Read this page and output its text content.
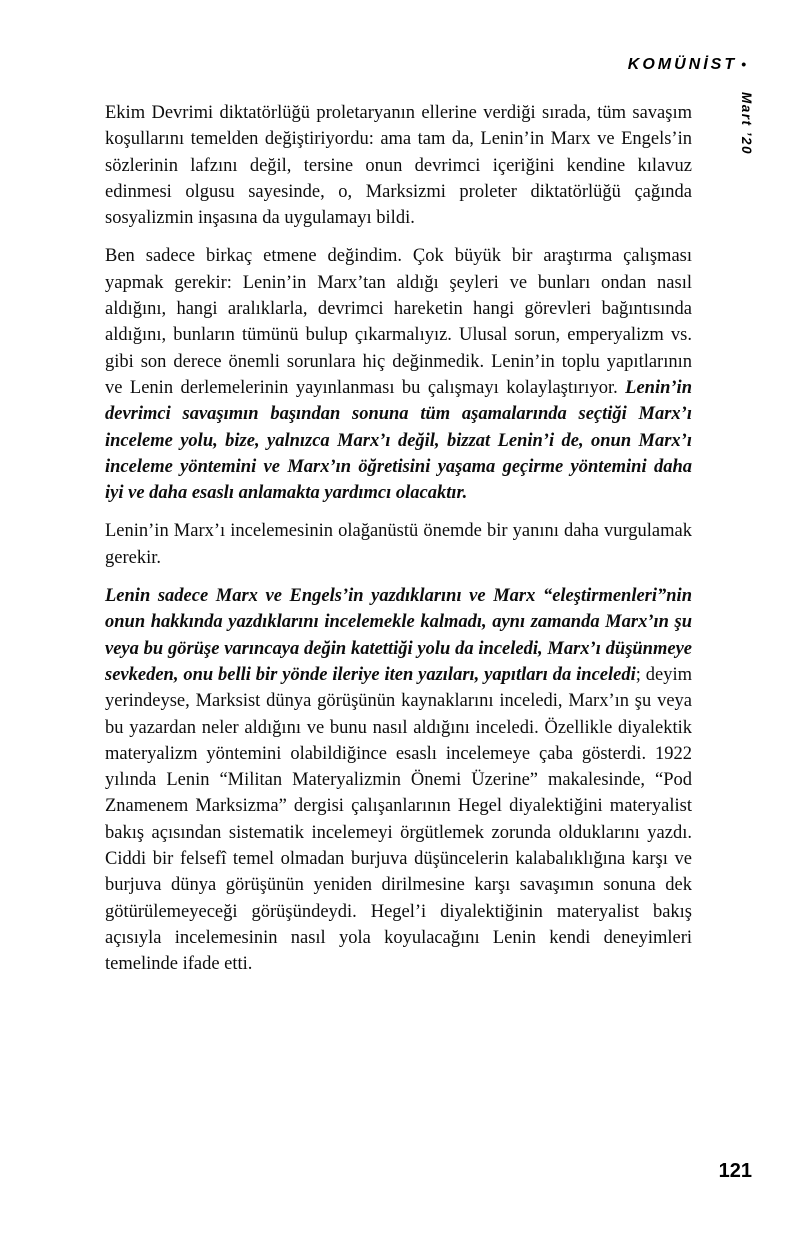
KOMÜNİST •
Mart ’20

Ekim Devrimi diktatörlüğü proletaryanın ellerine verdiği sırada, tüm savaşım koşullarını temelden değiştiriyordu: ama tam da, Lenin’in Marx ve Engels’in sözlerinin lafzını değil, tersine onun devrimci içeriğini kendine kılavuz edinmesi olgusu sayesinde, o, Marksizmi proleter diktatörlüğü çağında sosyalizmin inşasına da uygulamayı bildi.

Ben sadece birkaç etmene değindim. Çok büyük bir araştırma çalışması yapmak gerekir: Lenin’in Marx’tan aldığı şeyleri ve bunları ondan nasıl aldığını, hangi aralıklarla, devrimci hareketin hangi görevleri bağıntısında aldığını, bunların tümünü bulup çıkarmalıyız. Ulusal sorun, emperyalizm vs. gibi son derece önemli sorunlara hiç değinmedik. Lenin’in toplu yapıtlarının ve Lenin derlemelerinin yayınlanması bu çalışmayı kolaylaştırıyor. Lenin’in devrimci savaşımın başından sonuna tüm aşamalarında seçtiği Marx’ı inceleme yolu, bize, yalnızca Marx’ı değil, bizzat Lenin’i de, onun Marx’ı inceleme yöntemini ve Marx’ın öğretisini yaşama geçirme yöntemini daha iyi ve daha esaslı anlamakta yardımcı olacaktır.

Lenin’in Marx’ı incelemesinin olağanüstü önemde bir yanını daha vurgulamak gerekir.

Lenin sadece Marx ve Engels’in yazdıklarını ve Marx “eleştirmenleri”nin onun hakkında yazdıklarını incelemekle kalmadı, aynı zamanda Marx’ın şu veya bu görüşe varıncaya değin katettiği yolu da inceledi, Marx’ı düşünmeye sevkeden, onu belli bir yönde ileriye iten yazıları, yapıtları da inceledi; deyim yerindeyse, Marksist dünya görüşünün kaynaklarını inceledi, Marx’ın şu veya bu yazardan neler aldığını ve bunu nasıl aldığını inceledi. Özellikle diyalektik materyalizm yöntemini olabildiğince esaslı incelemeye çaba gösterdi. 1922 yılında Lenin “Militan Materyalizmin Önemi Üzerine” makalesinde, “Pod Znamenem Marksizma” dergisi çalışanlarının Hegel diyalektiğini materyalist bakış açısından sistematik incelemeyi örgütlemek zorunda olduklarını yazdı. Ciddi bir felsefî temel olmadan burjuva düşüncelerin kalabalıklığına karşı ve burjuva dünya görüşünün yeniden dirilmesine karşı savaşımın sonuna dek götürülemeyeceği görüşündeydi. Hegel’i diyalektiğinin materyalist bakış açısıyla incelemesinin nasıl yola koyulacağını Lenin kendi deneyimleri temelinde ifade etti.

121
